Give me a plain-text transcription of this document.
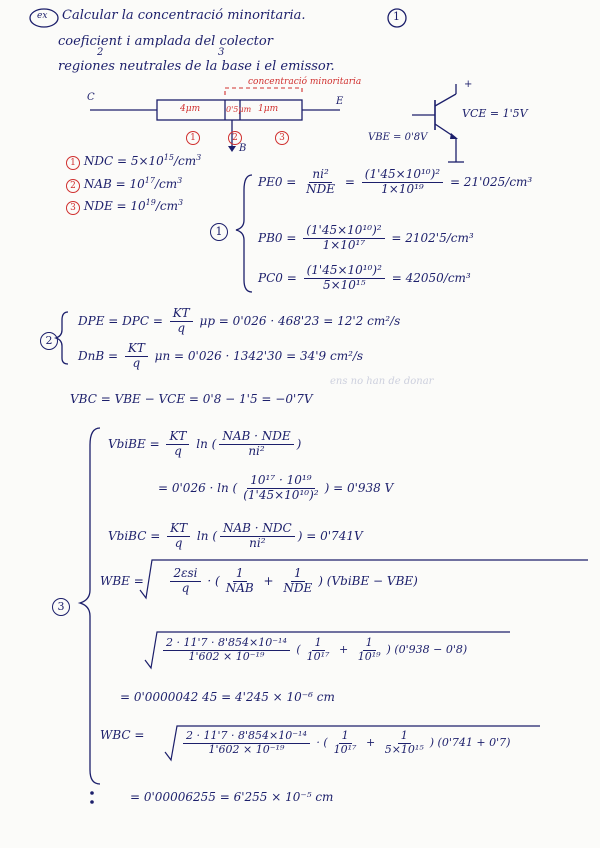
ex Calcular la concentració minoritaria.	1
coeficient i amplada del colector
2	3
regiones neutrales de la base i el emissor.
C	E
B
concentració minoritaria
4μm	0'5μm 1μm
1	2	3	VBE = 0'8V
VCE = 1'5V
+
1 NDC = $5\times 10^{15}/cm^3$
2 NAB = $10^{17}/cm^3$
3 NDE = $10^{19}/cm^3$
1
$PE0 = \frac{\text{ni²}}{\text{NDE}} = \frac{\text{(1'45×10¹⁰)²}}{\text{1×10¹⁹}} = 21'025/cm^3$
$PB0 = \frac{\text{(1'45×10¹⁰)²}}{\text{1×10¹⁷}} = 2102'5/cm^3$
$PC0 = \frac{\text{(1'45×10¹⁰)²}}{\text{5×10¹⁵}} = 42050/cm^3$
2
DPE = DPC = $\frac{KT}{q}$ μp = 0'026 · 468'23 = 12'2 cm²/s
DnB = $\frac{KT}{q}$ μn = 0'026 · 1342'30 = 34'9 cm²/s
ens no han de donar
VBC = VBE − VCE = 0'8 − 1'5 = −0'7V
3
VbiBE = $\frac{KT}{q}$ ln ( $\frac{\text{NAB · NDE}}{\text{ni²}}$ )
= 0'026 · ln ( $\frac{\text{10¹⁷ · 10¹⁹}}{\text{(1'45×10¹⁰)²}}$ ) = 0'938 V
VbiBC = $\frac{KT}{q}$ ln ( $\frac{\text{NAB · NDC}}{\text{ni²}}$ ) = 0'741V
WBE = $\frac{\text{2εsi}}{q}$ · ( $\frac{1}{\text{NAB}} + \frac{1}{\text{NDE}}$ ) (VbiBE − VBE)
$\frac{\text{2 · 11'7 · 8'854×10⁻¹⁴}}{\text{1'602 × 10⁻¹⁹}}$ ( $\frac{1}{\text{10¹⁷}} + \frac{1}{\text{10¹⁹}}$ ) (0'938 − 0'8)
= 0'0000042 45 = 4'245 × 10⁻⁶ cm
WBC =	$\frac{\text{2 · 11'7 · 8'854×10⁻¹⁴}}{\text{1'602 × 10⁻¹⁹}}$ · ( $\frac{1}{\text{10¹⁷}} + \frac{1}{\text{5×10¹⁵}}$ ) (0'741 + 0'7)
= 0'00006255 = 6'255 × 10⁻⁵ cm
